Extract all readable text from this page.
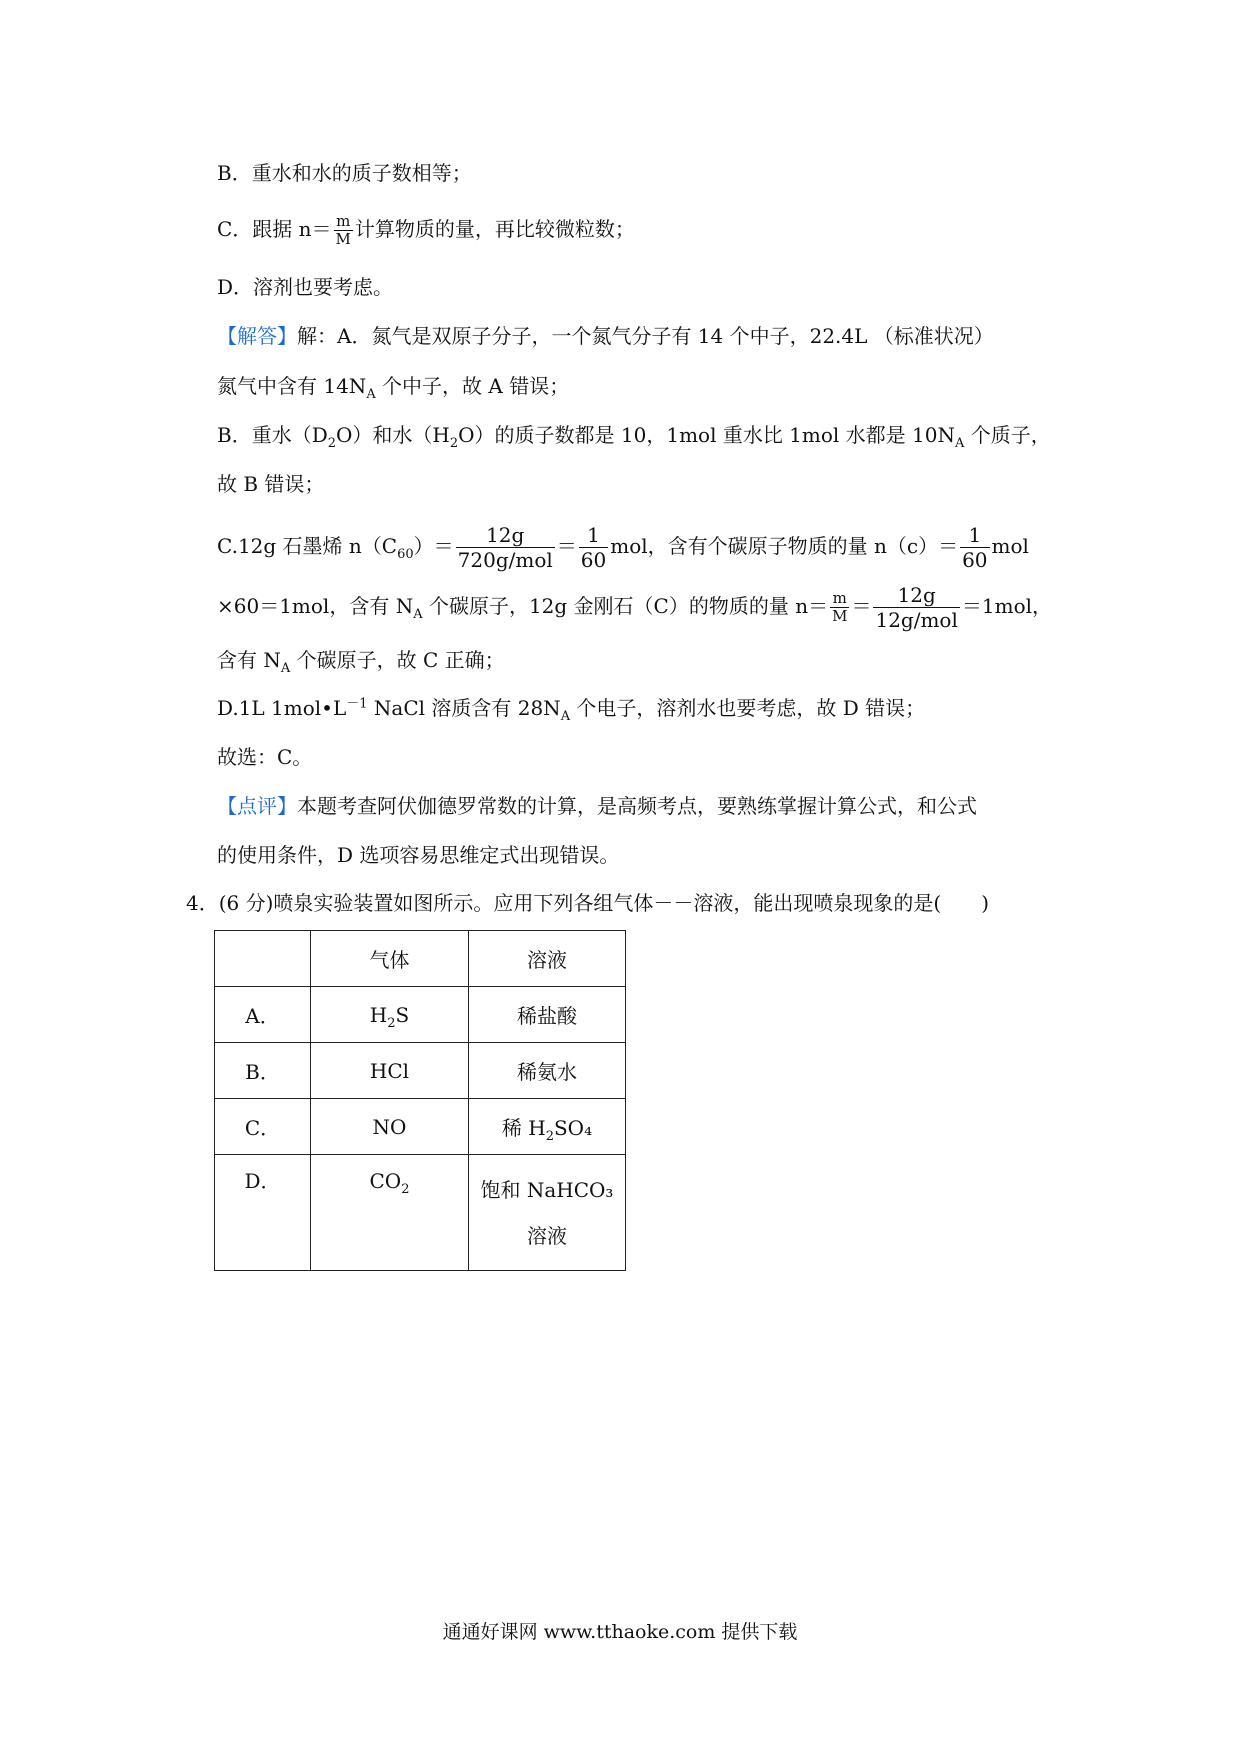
B．重水和水的质子数相等；
C．跟据 $n= \frac{m}{M}$ 计算物质的量，再比较微粒数；
D．溶剂也要考虑。
【解答】解：A．氮气是双原子分子，一个氮气分子有 14 个中子，22.4L （标准状况）
氮气中含有 $14N_A$ 个中子，故 A 错误；
B．重水$(D_2O)$和水$(H_2O)$的质子数都是 10，1mol 重水比 1mol 水都是 $10N_A$ 个质子，
故 B 错误；
C.12g 石墨烯 $n(C_{60})= \frac{12g}{\text{720g/mol}} = \frac{1}{60}$ mol，含有个碳原子物质的量 $n(c)= \frac{1}{60}$ mol
×60＝1mol，含有 $N_A$ 个碳原子，12g 金刚石（C）的物质的量 $n= \frac{m}{M} = \frac{12g}{\text{12g/mol}} =1mol$，
含有 $N_A$ 个碳原子，故 C 正确；
D.1L $1mol•L^{-1}$ NaCl 溶质含有 $28N_A$ 个电子，溶剂水也要考虑，故 D 错误；
故选：C。
【点评】本题考查阿伏伽德罗常数的计算，是高频考点，要熟练掌握计算公式，和公式
的使用条件，D 选项容易思维定式出现错误。
4．(6 分)喷泉实验装置如图所示。应用下列各组气体－－溶液，能出现喷泉现象的是(　　)
	气体	溶液
A．	$H_2S$	稀盐酸
B．	HCl	稀氨水
C．	NO	稀 $H_2SO_4$
D．	$CO_2$	饱和 NaHCO₃
溶液
通通好课网 www.tthaoke.com 提供下载
